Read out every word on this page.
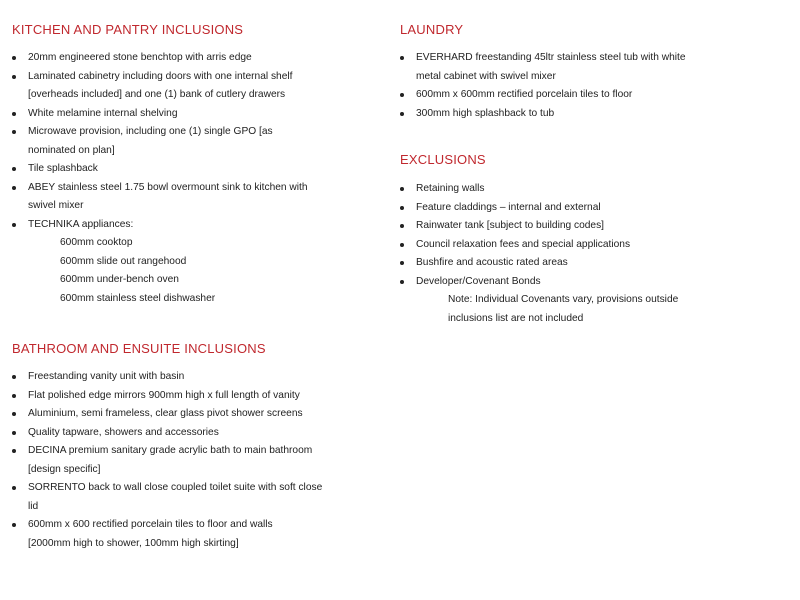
KITCHEN AND PANTRY INCLUSIONS
20mm engineered stone benchtop with arris edge
Laminated cabinetry including doors with one internal shelf
[overheads included] and one (1) bank of cutlery drawers
White melamine internal shelving
Microwave provision, including one (1) single GPO [as
nominated on plan]
Tile splashback
ABEY stainless steel 1.75 bowl overmount sink to kitchen with
swivel mixer
TECHNIKA appliances:
600mm cooktop
600mm slide out rangehood
600mm under-bench oven
600mm stainless steel dishwasher
BATHROOM AND ENSUITE INCLUSIONS
Freestanding vanity unit with basin
Flat polished edge mirrors 900mm high x full length of vanity
Aluminium, semi frameless, clear glass pivot shower screens
Quality tapware, showers and accessories
DECINA premium sanitary grade acrylic bath to main bathroom
[design specific]
SORRENTO back to wall close coupled toilet suite with soft close
lid
600mm x 600 rectified porcelain tiles to floor and walls
[2000mm high to shower, 100mm high skirting]
LAUNDRY
EVERHARD freestanding 45ltr stainless steel tub with white
metal cabinet with swivel mixer
600mm x 600mm rectified porcelain tiles to floor
300mm high splashback to tub
EXCLUSIONS
Retaining walls
Feature claddings – internal and external
Rainwater tank [subject to building codes]
Council relaxation fees and special applications
Bushfire and acoustic rated areas
Developer/Covenant Bonds
Note: Individual Covenants vary, provisions outside
inclusions list are not included
